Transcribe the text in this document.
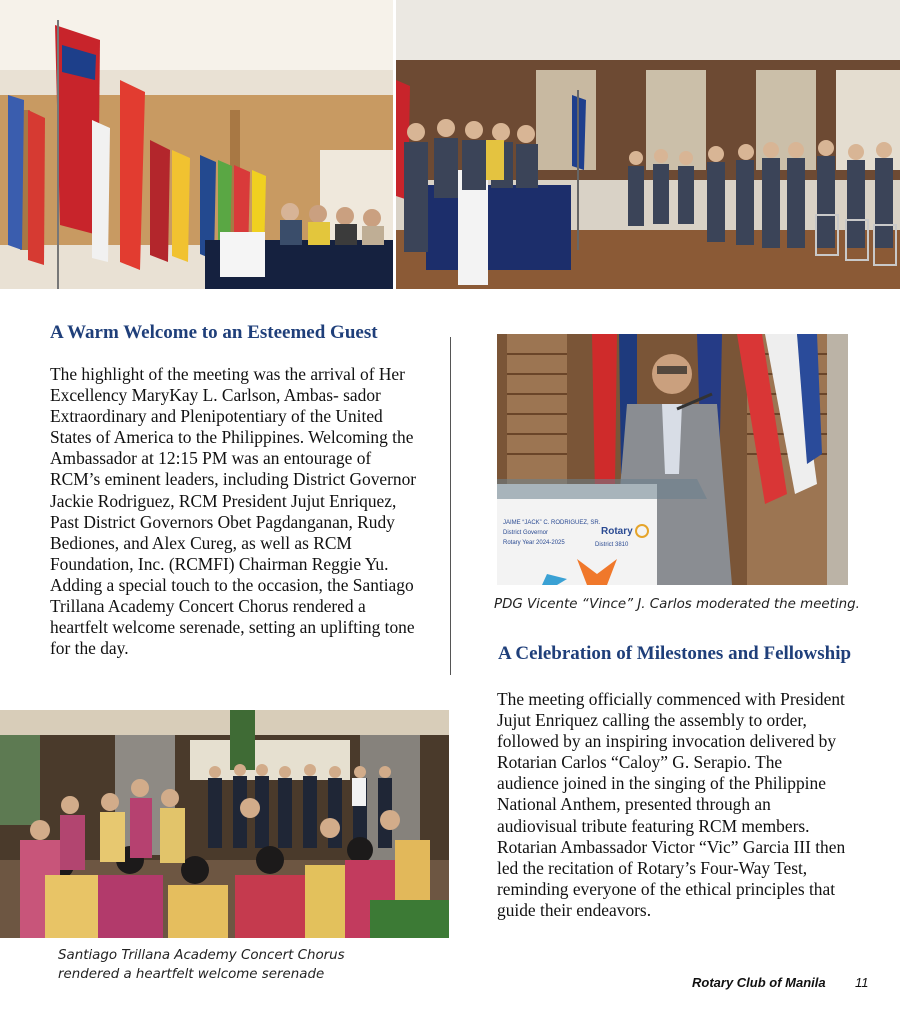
A Warm Welcome to an Esteemed Guest

The highlight of the meeting was the arrival of Her Excellency MaryKay L. Carlson, Ambas- sador Extraordinary and Plenipotentiary of the United States of America to the Philippines. Welcoming the Ambassador at 12:15 PM was an entourage of RCM’s eminent leaders, including District Governor Jackie Rodriguez, RCM President Jujut Enriquez, Past District Governors Obet Pagdanganan, Rudy Bediones, and Alex Cureg, as well as RCM Foundation, Inc. (RCMFI) Chairman Reggie Yu. Adding a special touch to the occasion, the Santiago Trillana Academy Concert Chorus rendered a heartfelt welcome serenade, setting an uplifting tone for the day.

JAIME “JACK” C. RODRIGUEZ, SR.
District Governor
Rotary Year 2024-2025
Rotary
District 3810

PDG Vicente “Vince” J. Carlos moderated the meeting.

A Celebration of Milestones and Fellowship

The meeting officially commenced with President Jujut Enriquez calling the assembly to order, followed by an inspiring invocation delivered by Rotarian Carlos “Caloy” G. Serapio. The audience joined in the singing of the Philippine National Anthem, presented through an audiovisual tribute featuring RCM members. Rotarian Ambassador Victor “Vic” Garcia III then led the recitation of Rotary’s Four-Way Test, reminding everyone of the ethical principles that guide their endeavors.

Santiago Trillana Academy Concert Chorus rendered a heartfelt welcome serenade

Rotary Club of Manila 11
